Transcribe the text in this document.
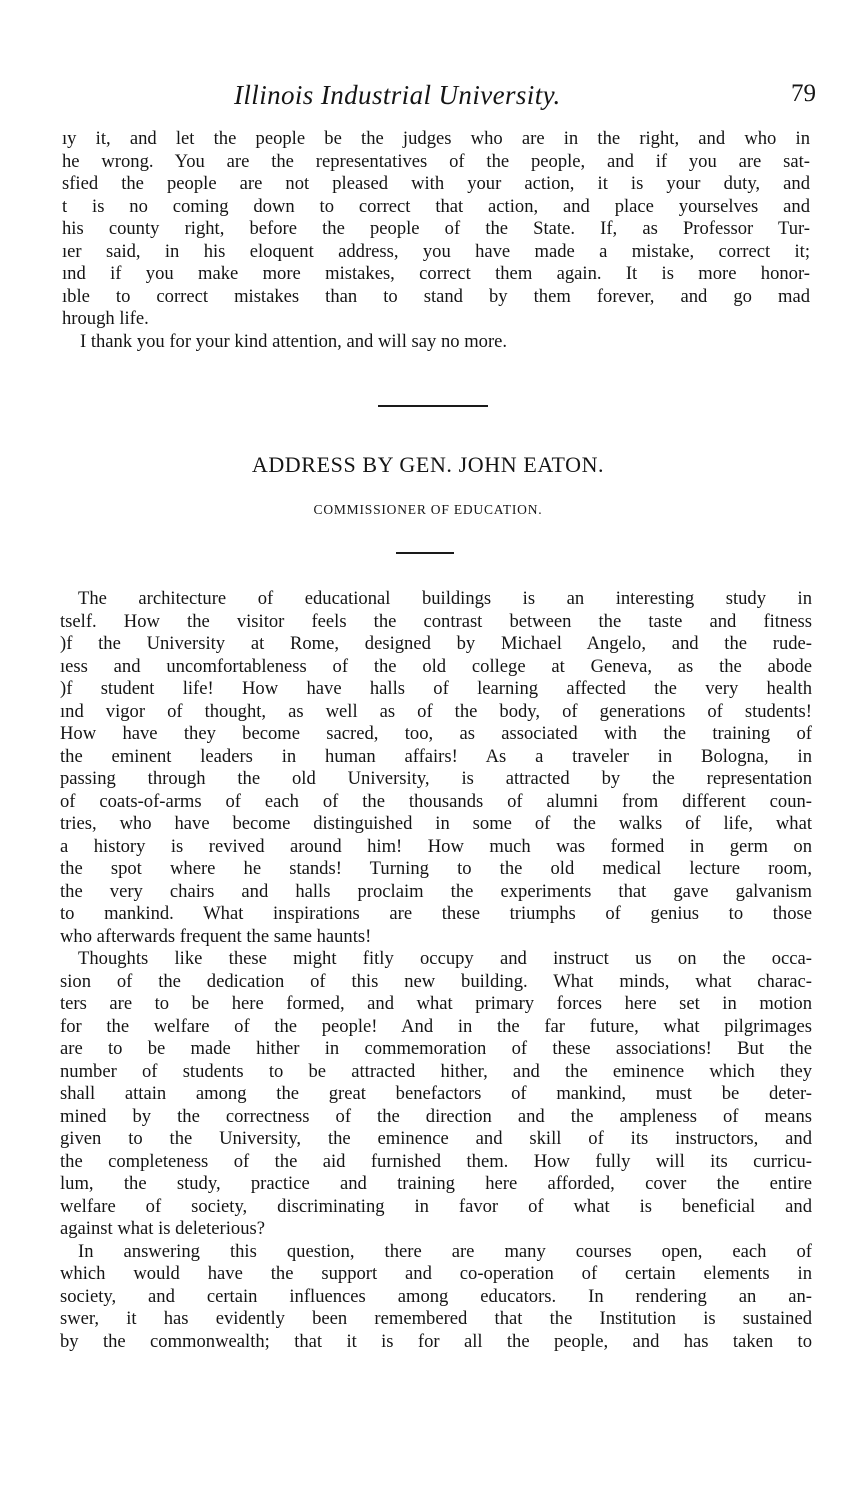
Illinois Industrial University.	79
ıy it, and let the people be the judges who are in the right, and who in
he wrong. You are the representatives of the people, and if you are sat-
sfied the people are not pleased with your action, it is your duty, and
t is no coming down to correct that action, and place yourselves and
his county right, before the people of the State. If, as Professor Tur-
ıer said, in his eloquent address, you have made a mistake, correct it;
ınd if you make more mistakes, correct them again. It is more honor-
ıble to correct mistakes than to stand by them forever, and go mad
hrough life.
I thank you for your kind attention, and will say no more.
ADDRESS BY GEN. JOHN EATON.
COMMISSIONER OF EDUCATION.
The architecture of educational buildings is an interesting study in
tself. How the visitor feels the contrast between the taste and fitness
)f the University at Rome, designed by Michael Angelo, and the rude-
ıess and uncomfortableness of the old college at Geneva, as the abode
)f student life! How have halls of learning affected the very health
ınd vigor of thought, as well as of the body, of generations of students!
How have they become sacred, too, as associated with the training of
the eminent leaders in human affairs! As a traveler in Bologna, in
passing through the old University, is attracted by the representation
of coats-of-arms of each of the thousands of alumni from different coun-
tries, who have become distinguished in some of the walks of life, what
a history is revived around him! How much was formed in germ on
the spot where he stands! Turning to the old medical lecture room,
the very chairs and halls proclaim the experiments that gave galvanism
to mankind. What inspirations are these triumphs of genius to those
who afterwards frequent the same haunts!
Thoughts like these might fitly occupy and instruct us on the occa-
sion of the dedication of this new building. What minds, what charac-
ters are to be here formed, and what primary forces here set in motion
for the welfare of the people! And in the far future, what pilgrimages
are to be made hither in commemoration of these associations! But the
number of students to be attracted hither, and the eminence which they
shall attain among the great benefactors of mankind, must be deter-
mined by the correctness of the direction and the ampleness of means
given to the University, the eminence and skill of its instructors, and
the completeness of the aid furnished them. How fully will its curricu-
lum, the study, practice and training here afforded, cover the entire
welfare of society, discriminating in favor of what is beneficial and
against what is deleterious?
In answering this question, there are many courses open, each of
which would have the support and co-operation of certain elements in
society, and certain influences among educators. In rendering an an-
swer, it has evidently been remembered that the Institution is sustained
by the commonwealth; that it is for all the people, and has taken to
